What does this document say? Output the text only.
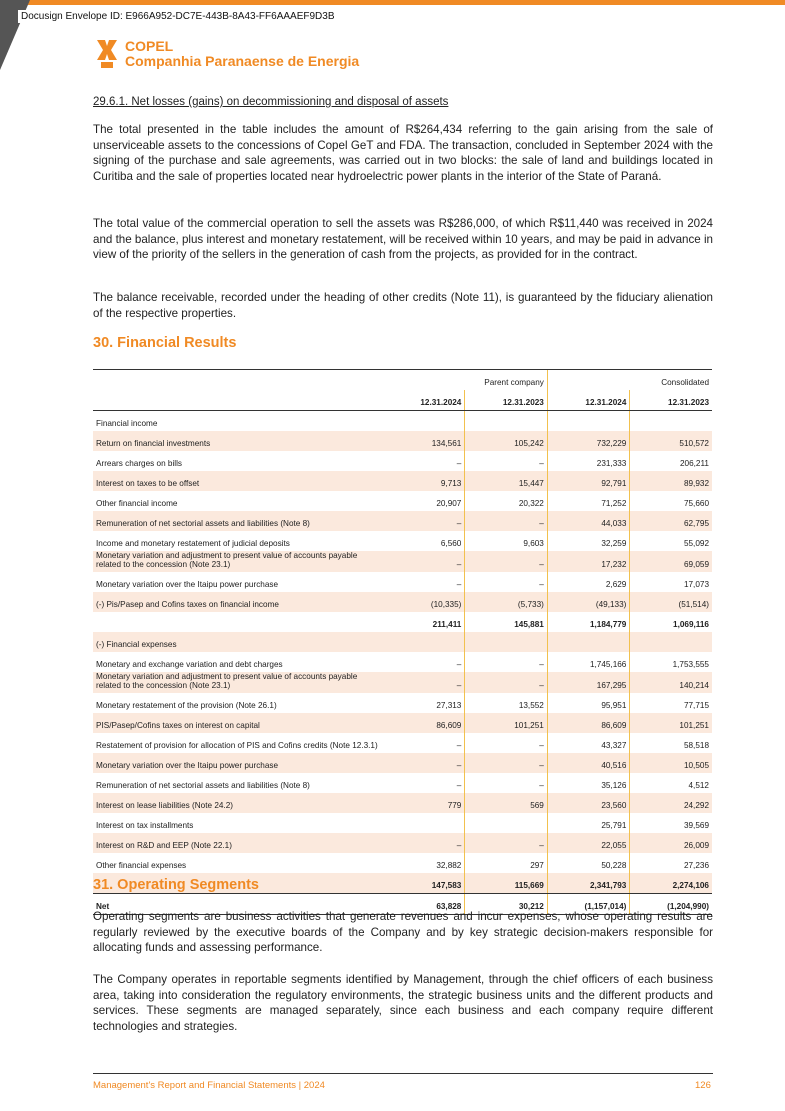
Docusign Envelope ID: E966A952-DC7E-443B-8A43-FF6AAAEF9D3B
COPEL
Companhia Paranaense de Energia
29.6.1. Net losses (gains) on decommissioning and disposal of assets
The total presented in the table includes the amount of R$264,434 referring to the gain arising from the sale of unserviceable assets to the concessions of Copel GeT and FDA. The transaction, concluded in September 2024 with the signing of the purchase and sale agreements, was carried out in two blocks: the sale of land and buildings located in Curitiba and the sale of properties located near hydroelectric power plants in the interior of the State of Paraná.
The total value of the commercial operation to sell the assets was R$286,000, of which R$11,440 was received in 2024 and the balance, plus interest and monetary restatement, will be received within 10 years, and may be paid in advance in view of the priority of the sellers in the generation of cash from the projects, as provided for in the contract.
The balance receivable, recorded under the heading of other credits (Note 11), is guaranteed by the fiduciary alienation of the respective properties.
30. Financial Results
		Parent company		Consolidated
	12.31.2024	12.31.2023	12.31.2024	12.31.2023
Financial income				
Return on financial investments	134,561	105,242	732,229	510,572
Arrears charges on bills	–	–	231,333	206,211
Interest on taxes to be offset	9,713	15,447	92,791	89,932
Other financial income	20,907	20,322	71,252	75,660
Remuneration of net sectorial assets and liabilities (Note 8)	–	–	44,033	62,795
Income and monetary restatement of judicial deposits	6,560	9,603	32,259	55,092
Monetary variation and adjustment to present value of accounts payable related to the concession (Note 23.1)	–	–	17,232	69,059
Monetary variation over the Itaipu power purchase	–	–	2,629	17,073
(-) Pis/Pasep and Cofins taxes on financial income	(10,335)	(5,733)	(49,133)	(51,514)
	211,411	145,881	1,184,779	1,069,116
(-) Financial expenses				
Monetary and exchange variation and debt charges	–	–	1,745,166	1,753,555
Monetary variation and adjustment to present value of accounts payable related to the concession (Note 23.1)	–	–	167,295	140,214
Monetary restatement of the provision (Note 26.1)	27,313	13,552	95,951	77,715
PIS/Pasep/Cofins taxes on interest on capital	86,609	101,251	86,609	101,251
Restatement of provision for allocation of PIS and Cofins credits (Note 12.3.1)	–	–	43,327	58,518
Monetary variation over the Itaipu power purchase	–	–	40,516	10,505
Remuneration of net sectorial assets and liabilities (Note 8)	–	–	35,126	4,512
Interest on lease liabilities (Note 24.2)	779	569	23,560	24,292
Interest on tax installments			25,791	39,569
Interest on R&D and EEP (Note 22.1)	–	–	22,055	26,009
Other financial expenses	32,882	297	50,228	27,236
	147,583	115,669	2,341,793	2,274,106
Net	63,828	30,212	(1,157,014)	(1,204,990)
31. Operating Segments
Operating segments are business activities that generate revenues and incur expenses, whose operating results are regularly reviewed by the executive boards of the Company and by key strategic decision-makers responsible for allocating funds and assessing performance.
The Company operates in reportable segments identified by Management, through the chief officers of each business area, taking into consideration the regulatory environments, the strategic business units and the different products and services. These segments are managed separately, since each business and each company require different technologies and strategies.
Management's Report and Financial Statements | 2024	126
